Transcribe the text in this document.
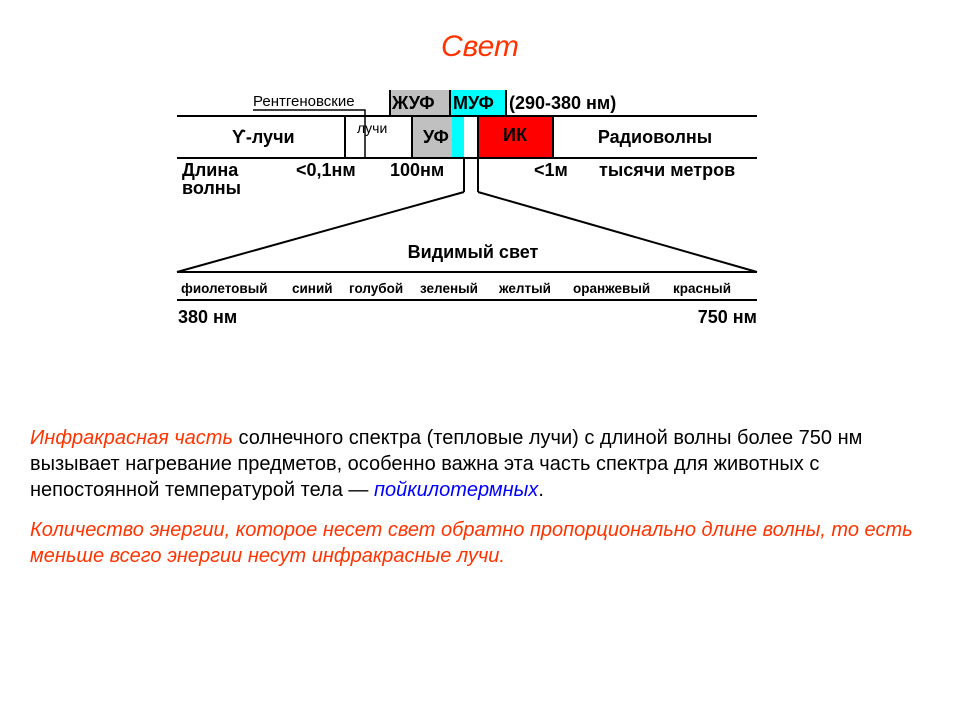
Свет
Рентгеновские
лучи
ЖУФ МУФ (290-380 нм)
ϒ-лучи	УФ	ИК	Радиоволны
Длина
волны
<0,1нм 100нм	<1м тысячи метров
Видимый свет
фиолетовый синий голубой зеленый желтый оранжевый красный
380 нм	750 нм

Инфракрасная часть солнечного спектра (тепловые лучи) с длиной волны более 750 нм вызывает нагревание предметов, особенно важна эта часть спектра для животных с непостоянной температурой тела — пойкилотермных.

Количество энергии, которое несет свет обратно пропорционально длине волны, то есть меньше всего энергии несут инфракрасные лучи.
